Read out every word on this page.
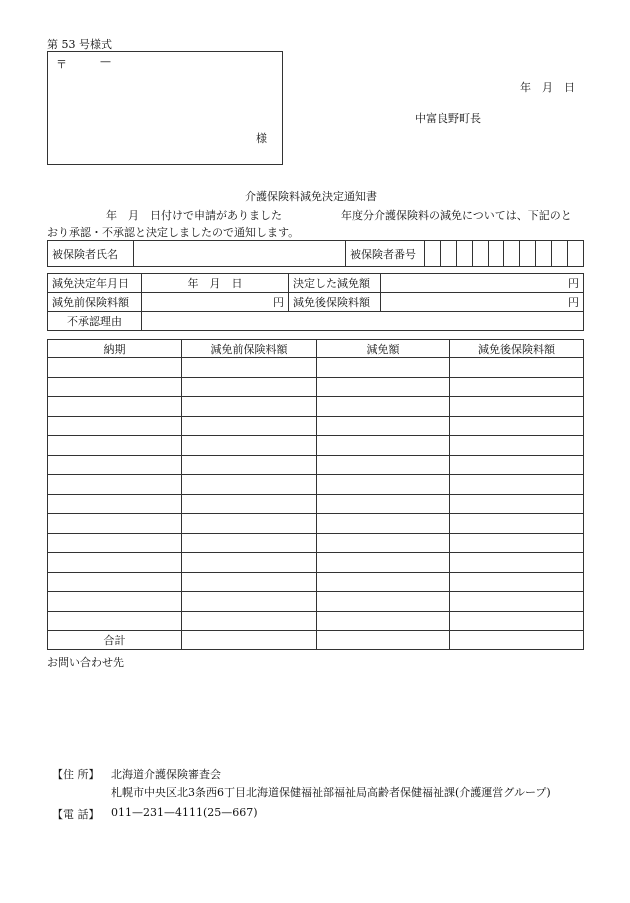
第 53 号様式
〒	—
様
年　月　日
中富良野町長
介護保険料減免決定通知書
年　月　日付けで申請がありました	年度分介護保険料の減免については、下記のと
おり承認・不承認と決定しましたので通知します。
被保険者氏名		被保険者番号										
減免決定年月日	年　月　日	決定した減免額	円
減免前保険料額	円	減免後保険料額	円
不承認理由			
納期	減免前保険料額	減免額	減免後保険料額

合計			
お問い合わせ先
【住 所】 北海道介護保険審査会
札幌市中央区北3条西6丁目北海道保健福祉部福祉局高齢者保健福祉課(介護運営グループ)
【電 話】 011—231—4111(25—667)
